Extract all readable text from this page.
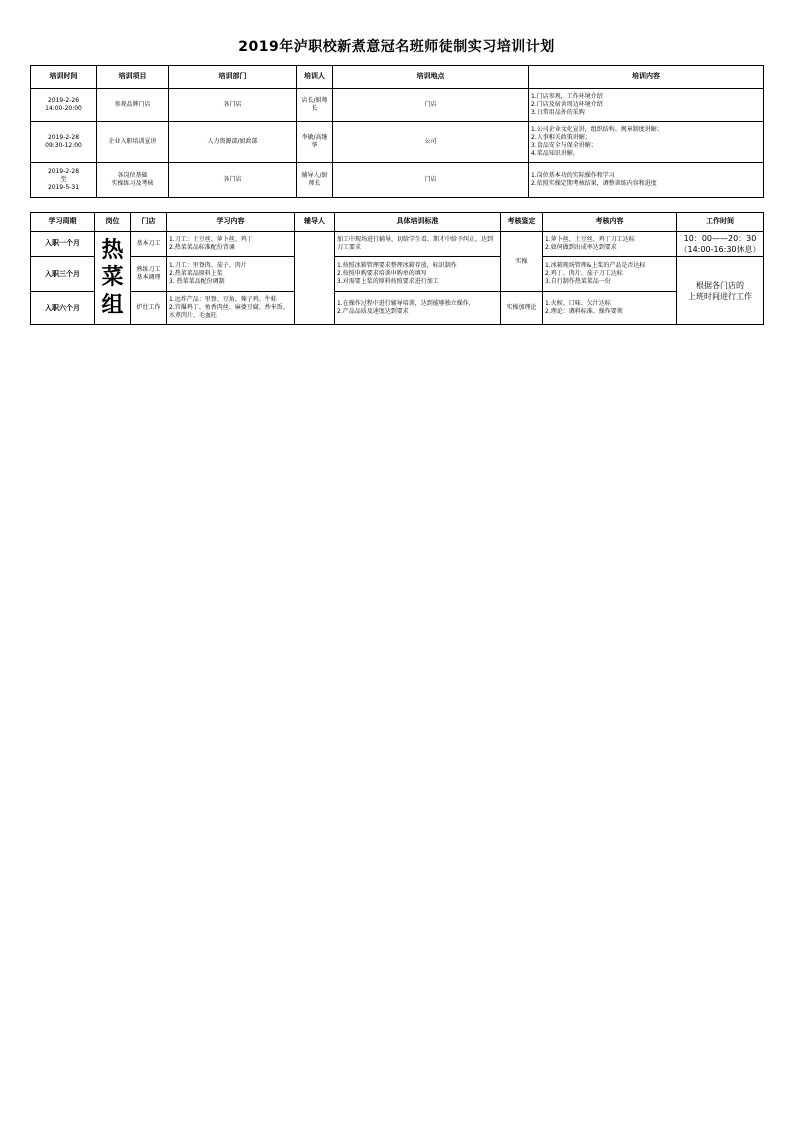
2019年泸职校新煮意冠名班师徒制实习培训计划
培训时间	培训项目	培训部门	培训人	培训地点	培训内容
2019-2-26
14:00-20:00	参观品牌门店	各门店	店长/厨师长	门店	1.门店参观，工作环境介绍
2.门店及宿舍周边环境介绍
3.日常用品外的采购
2019-2-28
09:30-12:00	企业入职培训宣讲	人力资源部/厨政部	李敏/高继华	公司	1.公司企业文化宣讲，组织结构、规章制度讲解；
2.人事相关政策讲解；
3.食品安全与保全讲解；
4.菜品知识讲解。
2019-2-28
至
2019-5-31	各岗位基础
实操练习及考核	各门店	辅导人/厨师长	门店	1.岗位基本功的实际操作和学习
2.依照实操定期考核结果，调整训练内容和进度
学习周期	岗位	门店	学习内容	辅导人	具体培训标准	考核鉴定	考核内容	工作时间
入职一个月	热
菜
组	基本刀工	1.刀工：土豆丝、萝卜丝、鸡丁
2.热菜菜品标准配份背诵		加工中现场进行辅导，切给学生看，期才中给予纠正，达到刀工要求	实操	1.萝卜丝、土豆丝、鸡丁刀工达标
2.如何做到出成率达到要求	10：00——20：30
（14:00-16:30休息）
入职三个月		熟练刀工
基本调理	1.刀工：里脊肉、茄子、肉片
2.热菜菜品原料上浆
3. 热菜菜品配份调制		1.按照冰箱管理要求整理冰箱存放，标识制作
2.按照申购要求培训申购单的填写
3.对需要上浆的原料按照要求进行加工		1.冰箱现场管理&上浆的产品是否达标
2.鸡丁、肉片、茄子刀工达标
3.自行制作热菜菜品一份	根据各门店的
上班时间进行工作
入职六个月		炉灶工作	1.远炸产品：里脊、豆角、辣子鸡、牛蛙
2.宫爆鸡丁、鱼香肉丝、麻婆豆腐、炒米饭、水煮肉片、毛血旺		1.在操作过程中进行辅导培训，达到能够独立操作，
2.产品品质及速度达到要求	实操加理论	1.火候、口味、欠汁达标
2.理论：调料标准、操作要领	
